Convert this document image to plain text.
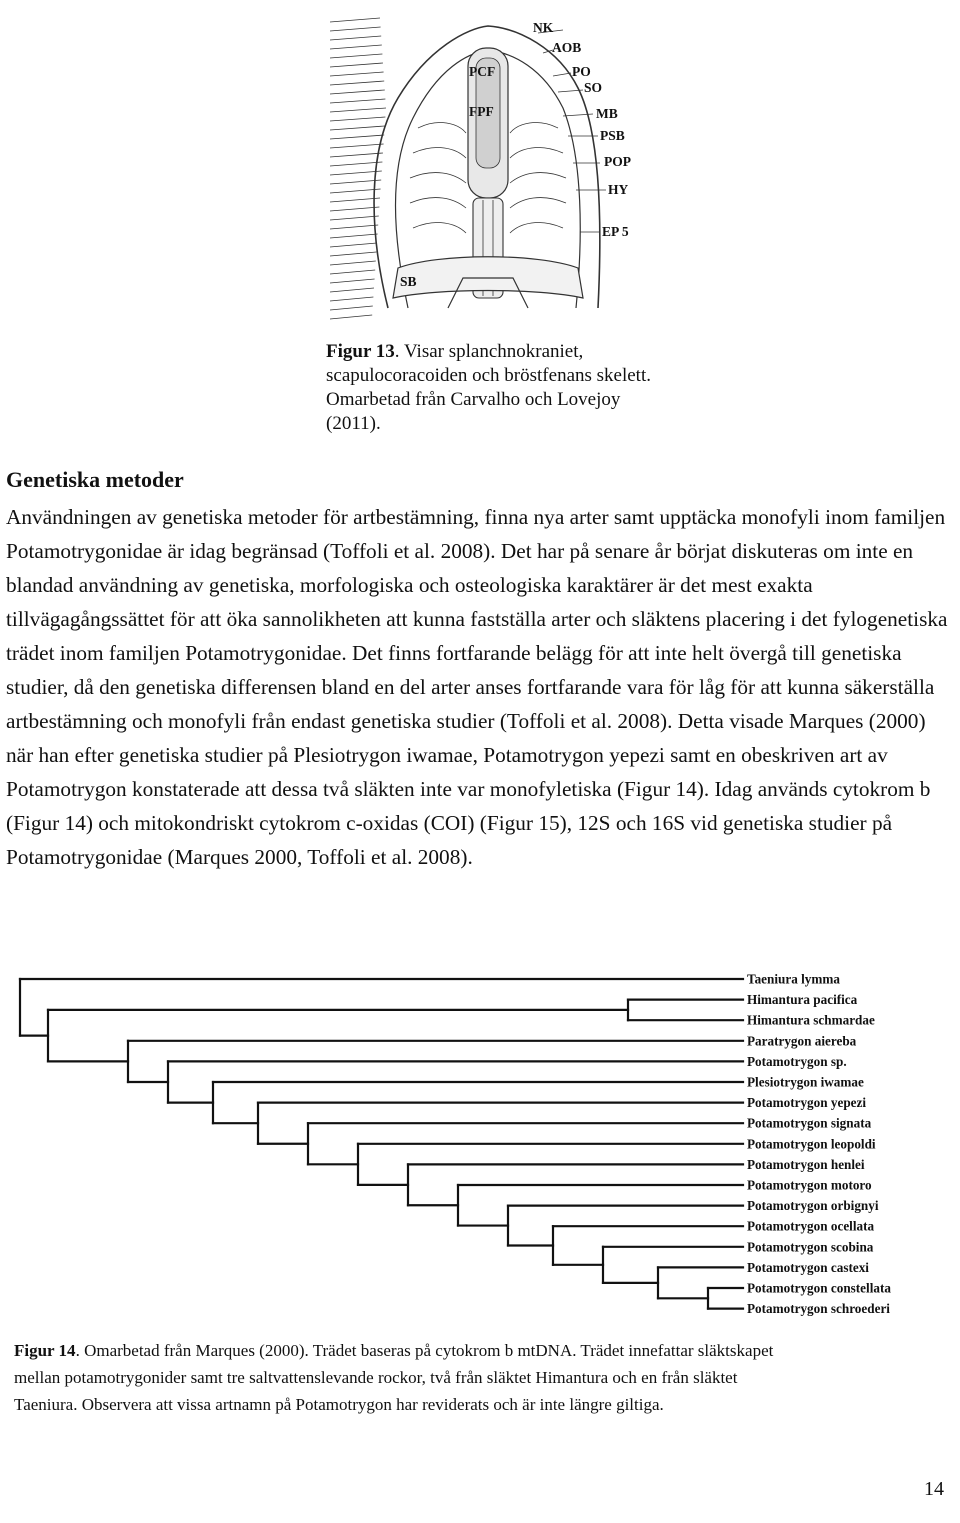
NK
AOB
PO
SO
MB
PSB
POP
HY
EP 5
PCF
FPF
SB
Figur 13. Visar splanchnokraniet, scapulocoracoiden och bröstfenans skelett. Omarbetad från Carvalho och Lovejoy (2011).
Genetiska metoder
Användningen av genetiska metoder för artbestämning, finna nya arter samt upptäcka monofyli inom familjen Potamotrygonidae är idag begränsad (Toffoli et al. 2008). Det har på senare år börjat diskuteras om inte en blandad användning av genetiska, morfologiska och osteologiska karaktärer är det mest exakta tillvägagångssättet för att öka sannolikheten att kunna fastställa arter och släktens placering i det fylogenetiska trädet inom familjen Potamotrygonidae. Det finns fortfarande belägg för att inte helt övergå till genetiska studier, då den genetiska differensen bland en del arter anses fortfarande vara för låg för att kunna säkerställa artbestämning och monofyli från endast genetiska studier (Toffoli et al. 2008). Detta visade Marques (2000) när han efter genetiska studier på Plesiotrygon iwamae, Potamotrygon yepezi samt en obeskriven art av Potamotrygon konstaterade att dessa två släkten inte var monofyletiska (Figur 14). Idag används cytokrom b (Figur 14) och mitokondriskt cytokrom c-oxidas (COI) (Figur 15), 12S och 16S vid genetiska studier på Potamotrygonidae (Marques 2000, Toffoli et al. 2008).
Taeniura lymma
Himantura pacifica
Himantura schmardae
Paratrygon aiereba
Potamotrygon sp.
Plesiotrygon iwamae
Potamotrygon yepezi
Potamotrygon signata
Potamotrygon leopoldi
Potamotrygon henlei
Potamotrygon motoro
Potamotrygon orbignyi
Potamotrygon ocellata
Potamotrygon scobina
Potamotrygon castexi
Potamotrygon constellata
Potamotrygon schroederi
Figur 14. Omarbetad från Marques (2000). Trädet baseras på cytokrom b mtDNA. Trädet innefattar släktskapet mellan potamotrygonider samt tre saltvattenslevande rockor, två från släktet Himantura och en från släktet Taeniura. Observera att vissa artnamn på Potamotrygon har reviderats och är inte längre giltiga.
14
